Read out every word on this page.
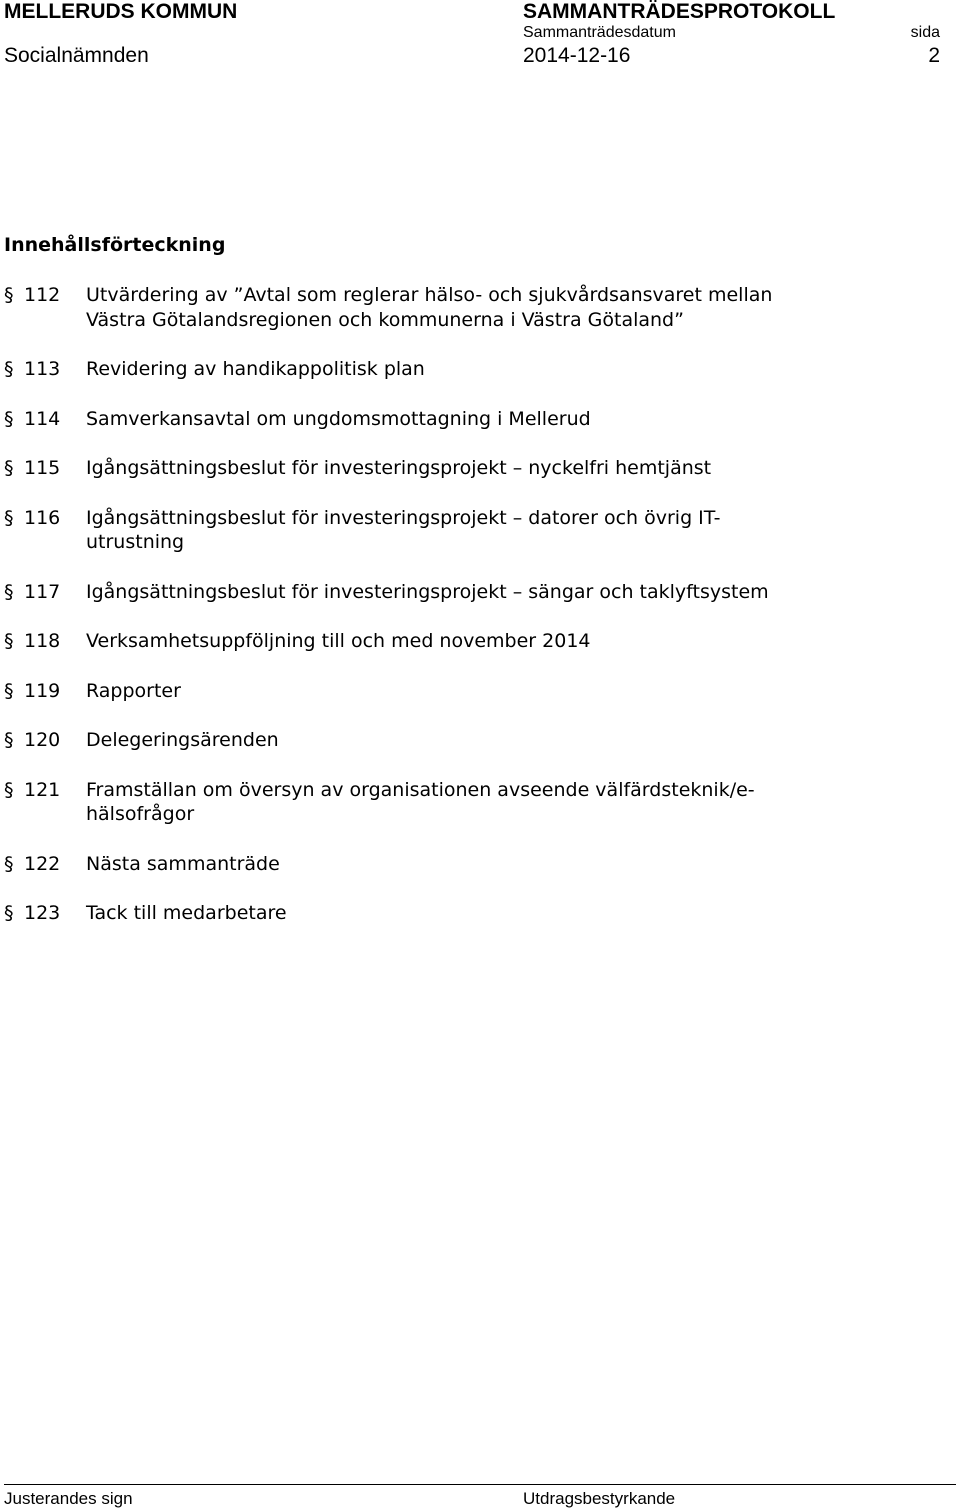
MELLERUDS KOMMUN	SAMMANTRÄDESPROTOKOLL
Sammanträdesdatum	sida
Socialnämnden	2014-12-16	2
Innehållsförteckning
§ 112	Utvärdering av ”Avtal som reglerar hälso- och sjukvårdsansvaret mellan
Västra Götalandsregionen och kommunerna i Västra Götaland”
§ 113	Revidering av handikappolitisk plan
§ 114	Samverkansavtal om ungdomsmottagning i Mellerud
§ 115	Igångsättningsbeslut för investeringsprojekt – nyckelfri hemtjänst
§ 116	Igångsättningsbeslut för investeringsprojekt – datorer och övrig IT-
utrustning
§ 117	Igångsättningsbeslut för investeringsprojekt – sängar och taklyftsystem
§ 118	Verksamhetsuppföljning till och med november 2014
§ 119	Rapporter
§ 120	Delegeringsärenden
§ 121	Framställan om översyn av organisationen avseende välfärdsteknik/e-
hälsofrågor
§ 122	Nästa sammanträde
§ 123	Tack till medarbetare
Justerandes sign	Utdragsbestyrkande
